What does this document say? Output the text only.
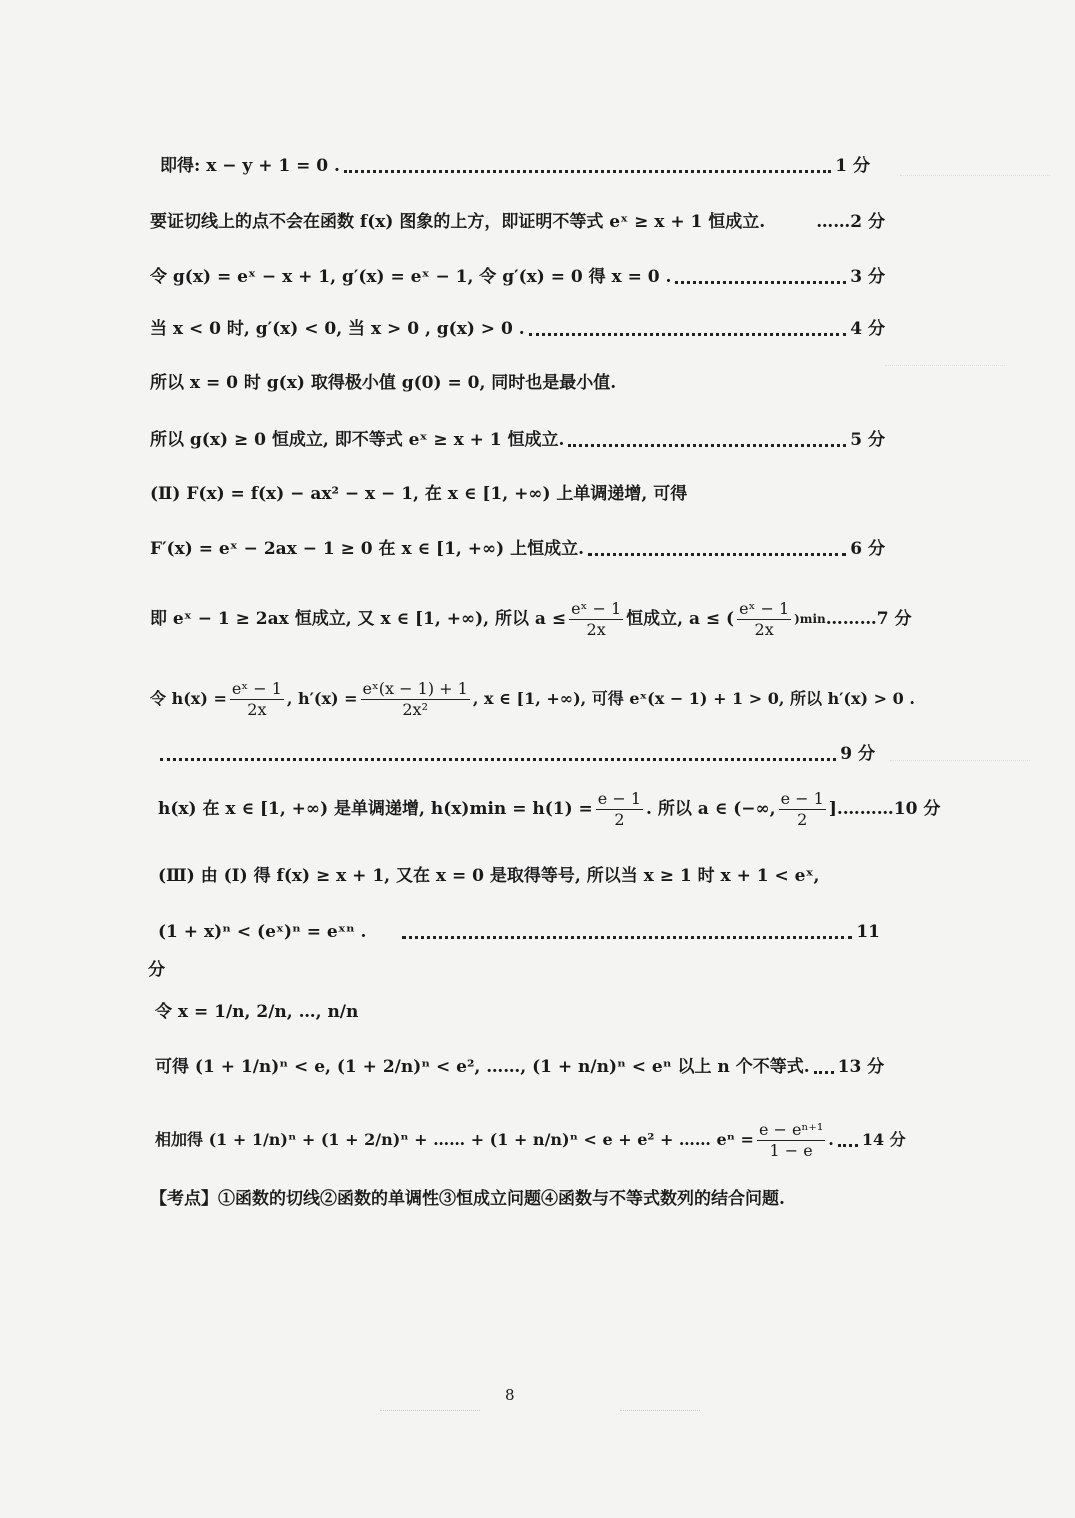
即得: x − y + 1 = 0 .	1 分
要证切线上的点不会在函数 f(x) 图象的上方，即证明不等式 eˣ ≥ x + 1 恒成立.	……2 分
令 g(x) = eˣ − x + 1, g′(x) = eˣ − 1, 令 g′(x) = 0 得 x = 0 .	3 分
当 x < 0 时, g′(x) < 0, 当 x > 0 , g(x) > 0 .	4 分
所以 x = 0 时 g(x) 取得极小值 g(0) = 0, 同时也是最小值.
所以 g(x) ≥ 0 恒成立, 即不等式 eˣ ≥ x + 1 恒成立.	5 分
(Ⅱ) F(x) = f(x) − ax² − x − 1, 在 x ∈ [1, +∞) 上单调递增, 可得
F′(x) = eˣ − 2ax − 1 ≥ 0 在 x ∈ [1, +∞) 上恒成立.	6 分
即 eˣ − 1 ≥ 2ax 恒成立, 又 x ∈ [1, +∞), 所以 $a \le \frac{\text{eˣ − 1}}{2x}$ 恒成立, a ≤ ( $\frac{\text{eˣ − 1}}{2x} )\min$ ………7 分
令 $h(x) = \frac{\text{eˣ − 1}}{2x}$ , $h'(x) = \frac{\text{eˣ(x − 1) + 1}}{\text{2x²}}$ , x ∈ [1, +∞), 可得 eˣ(x − 1) + 1 > 0, 所以 h′(x) > 0 .
9 分
h(x) 在 x ∈ [1, +∞) 是单调递增, $h(x)\min = h(1) = \frac{e - 1}{2}$ . 所以 a ∈ (−∞, $\frac{e - 1}{2}$ ]. ………10 分
(Ⅲ) 由 (Ⅰ) 得 f(x) ≥ x + 1, 又在 x = 0 是取得等号, 所以当 x ≥ 1 时 x + 1 < eˣ,
(1 + x)ⁿ < (eˣ)ⁿ = eˣⁿ .	11
分
令 x = 1/n, 2/n, …, n/n
可得 (1 + 1/n)ⁿ < e, (1 + 2/n)ⁿ < e², ……, (1 + n/n)ⁿ < eⁿ 以上 n 个不等式. 13 分
相加得 (1 + 1/n)ⁿ + (1 + 2/n)ⁿ + …… + (1 + n/n)ⁿ < e + e² + …… $e^n = \frac{\text{e − eⁿ⁺¹}}{1 - e}$ . 14 分
【考点】①函数的切线②函数的单调性③恒成立问题④函数与不等式数列的结合问题.
8
